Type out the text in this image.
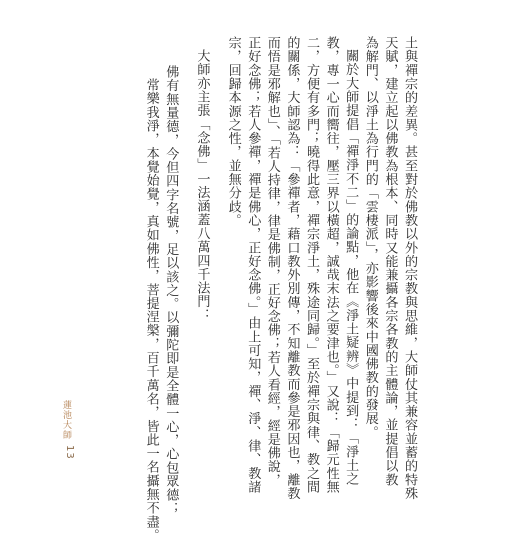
土與禪宗的差異。甚至對於佛教以外的宗教與思維，大師仗其兼容並蓄的特殊
天賦，建立起以佛教為根本、同時又能兼攝各宗各教的主體論，並提倡以教
為解門、以淨土為行門的「雲棲派」，亦影響後來中國佛教的發展。
關於大師提倡「禪淨不二」的論點，他在《淨土疑辨》中提到：「淨土之
教，專一心而嚮往，壓三界以橫超，誠哉末法之要津也。」又說：「歸元性無
二，方便有多門；曉得此意，禪宗淨土，殊途同歸。」至於禪宗與律、教之間
的關係，大師認為：「參禪者，藉口教外別傳，不知離教而參是邪因也，離教
而悟是邪解也」、「若人持律，律是佛制，正好念佛；若人看經，經是佛說，
正好念佛；若人參禪，禪是佛心，正好念佛。」由上可知，禪、淨、律、教諸
宗，回歸本源之性，並無分歧。
大師亦主張「念佛」一法涵蓋八萬四千法門：
佛有無量德，今但四字名號，足以該之。以彌陀即是全體一心，心包眾德；
常樂我淨，本覺始覺，真如佛性，菩提涅槃，百千萬名，皆此一名攝無不盡。
蓮池大師
13
